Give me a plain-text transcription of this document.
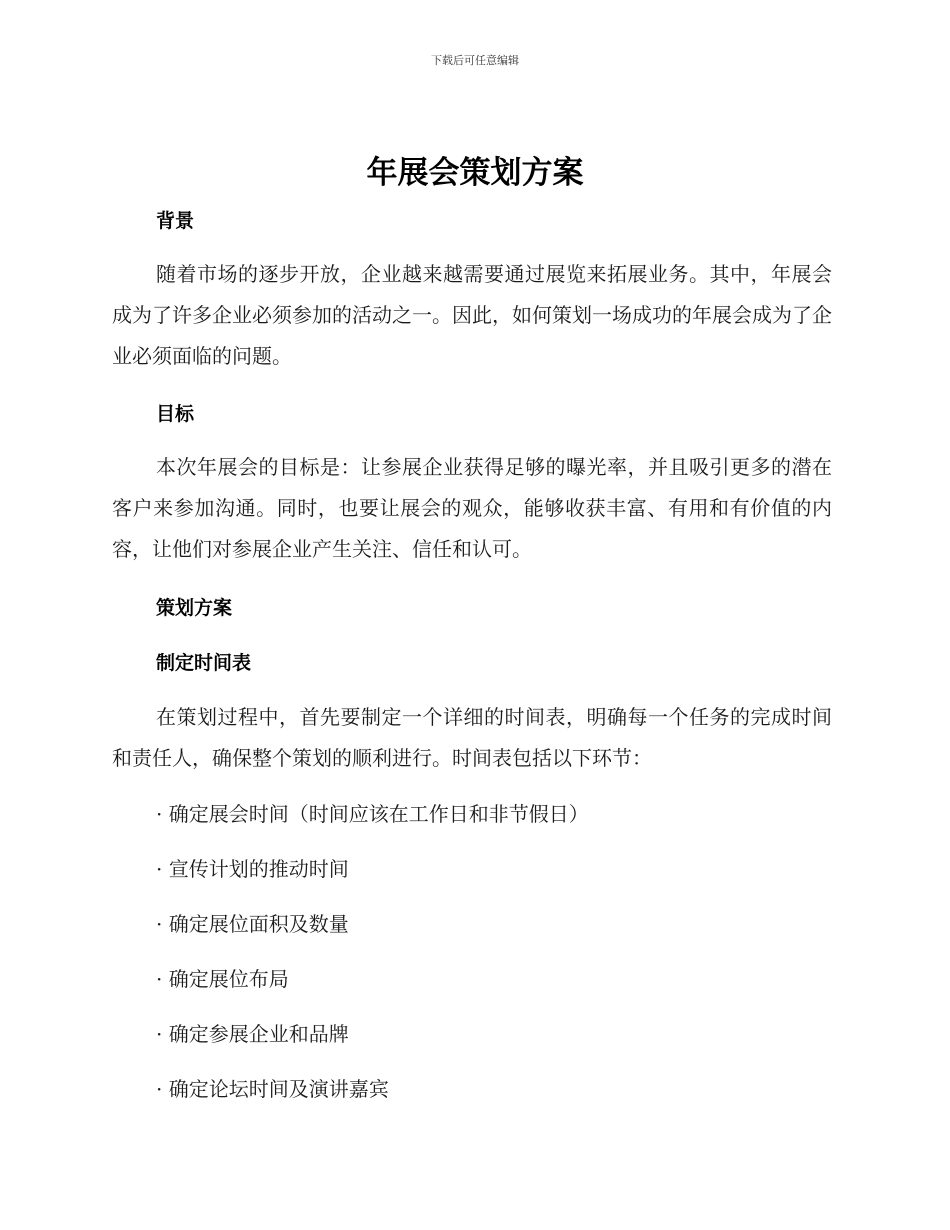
下载后可任意编辑
年展会策划方案
背景
随着市场的逐步开放，企业越来越需要通过展览来拓展业务。其中，年展会成为了许多企业必须参加的活动之一。因此，如何策划一场成功的年展会成为了企业必须面临的问题。
目标
本次年展会的目标是：让参展企业获得足够的曝光率，并且吸引更多的潜在客户来参加沟通。同时，也要让展会的观众，能够收获丰富、有用和有价值的内容，让他们对参展企业产生关注、信任和认可。
策划方案
制定时间表
在策划过程中，首先要制定一个详细的时间表，明确每一个任务的完成时间和责任人，确保整个策划的顺利进行。时间表包括以下环节：
· 确定展会时间（时间应该在工作日和非节假日）
· 宣传计划的推动时间
· 确定展位面积及数量
· 确定展位布局
· 确定参展企业和品牌
· 确定论坛时间及演讲嘉宾
